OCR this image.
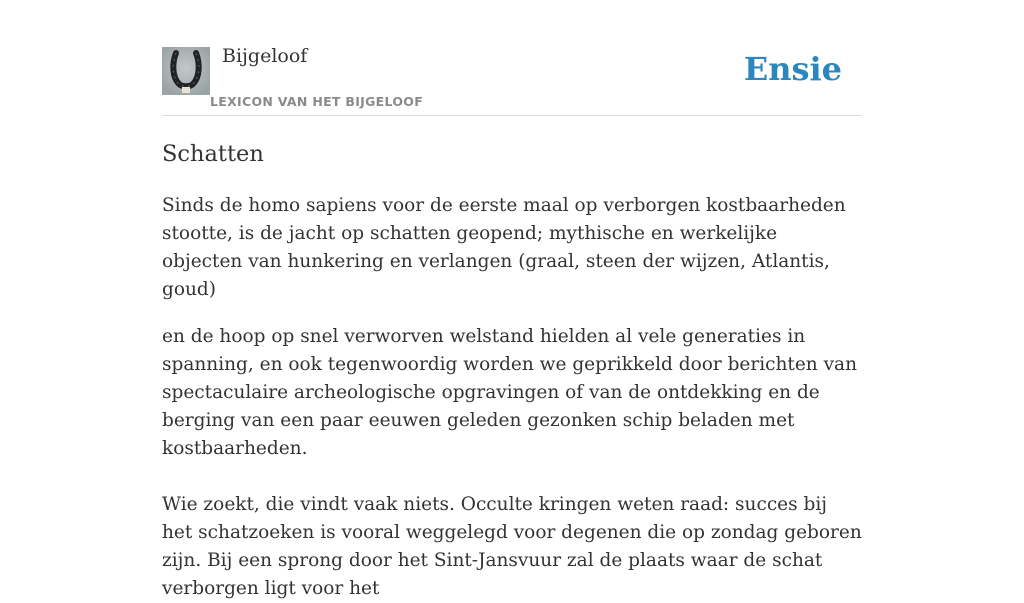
Bijgeloof
LEXICON VAN HET BIJGELOOF
Ensie
Schatten

Sinds de homo sapiens voor de eerste maal op verborgen kostbaarheden stootte, is de jacht op schatten geopend; mythische en werkelijke objecten van hunkering en verlangen (graal, steen der wijzen, Atlantis, goud)

en de hoop op snel verworven welstand hielden al vele generaties in spanning, en ook tegenwoordig worden we geprikkeld door berichten van spectaculaire archeologische opgravingen of van de ontdekking en de berging van een paar eeuwen geleden gezonken schip beladen met kostbaarheden.

Wie zoekt, die vindt vaak niets. Occulte kringen weten raad: succes bij het schatzoeken is vooral weggelegd voor degenen die op zondag geboren zijn. Bij een sprong door het Sint-Jansvuur zal de plaats waar de schat verborgen ligt voor het
